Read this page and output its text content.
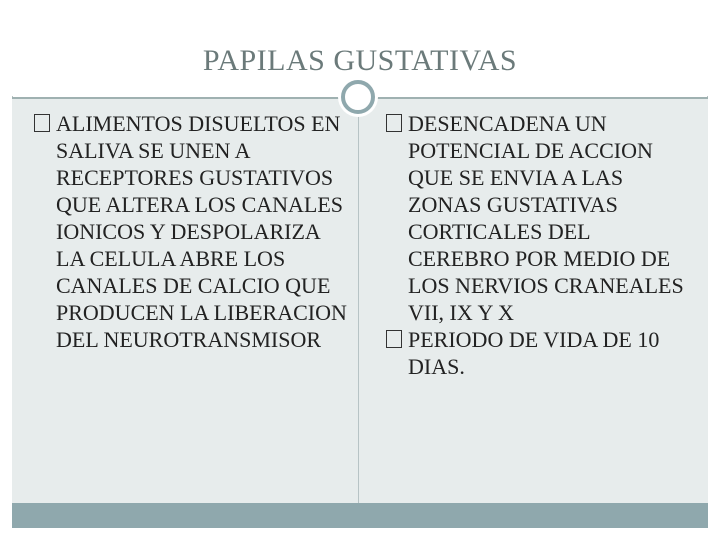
PAPILAS GUSTATIVAS
ALIMENTOS DISUELTOS EN SALIVA SE UNEN A RECEPTORES GUSTATIVOS QUE ALTERA LOS CANALES IONICOS Y DESPOLARIZA LA CELULA ABRE LOS CANALES DE CALCIO QUE PRODUCEN LA LIBERACION DEL NEUROTRANSMISOR
DESENCADENA UN POTENCIAL DE ACCION QUE SE ENVIA A LAS ZONAS GUSTATIVAS CORTICALES DEL CEREBRO POR MEDIO DE LOS NERVIOS CRANEALES VII, IX Y X
PERIODO DE VIDA DE 10 DIAS.
